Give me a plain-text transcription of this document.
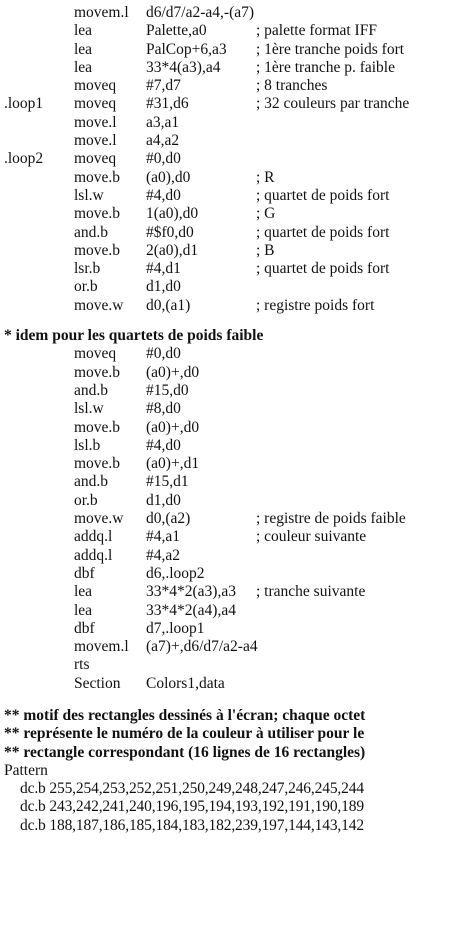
movem.l d6/d7/a2-a4,-(a7)
lea	Palette,a0	; palette format IFF
lea	PalCop+6,a3 ; 1ère tranche poids fort
lea	33*4(a3),a4 ; 1ère tranche p. faible
moveq #7,d7	; 8 tranches
.loop1 moveq #31,d6	; 32 couleurs par tranche
move.l a3,a1
move.l a4,a2
.loop2 moveq #0,d0
move.b (a0),d0	; R
lsl.w	#4,d0	; quartet de poids fort
move.b 1(a0),d0	; G
and.b #$f0,d0	; quartet de poids fort
move.b 2(a0),d1	; B
lsr.b	#4,d1	; quartet de poids fort
or.b	d1,d0
move.w d0,(a1)	; registre poids fort
* idem pour les quartets de poids faible
moveq #0,d0
move.b (a0)+,d0
and.b #15,d0
lsl.w	#8,d0
move.b (a0)+,d0
lsl.b	#4,d0
move.b (a0)+,d1
and.b #15,d1
or.b	d1,d0
move.w d0,(a2)	; registre de poids faible
addq.l #4,a1	; couleur suivante
addq.l #4,a2
dbf	d6,.loop2
lea	33*4*2(a3),a3 ; tranche suivante
lea	33*4*2(a4),a4
dbf	d7,.loop1
movem.l (a7)+,d6/d7/a2-a4
rts
Section Colors1,data
** motif des rectangles dessinés à l'écran; chaque octet
** représente le numéro de la couleur à utiliser pour le
** rectangle correspondant (16 lignes de 16 rectangles)
Pattern
dc.b 255,254,253,252,251,250,249,248,247,246,245,244
dc.b 243,242,241,240,196,195,194,193,192,191,190,189
dc.b 188,187,186,185,184,183,182,239,197,144,143,142
